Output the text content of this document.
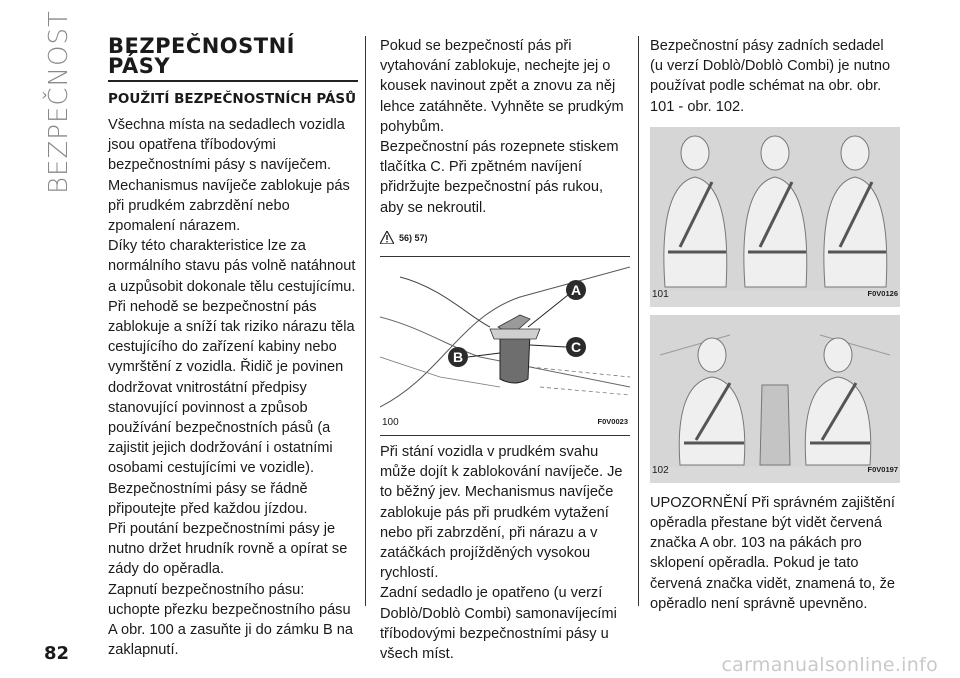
BEZPEČNOST	BEZPEČNOSTNÍ PÁSY
POUŽITÍ BEZPEČNOSTNÍCH PÁSŮ

Všechna místa na sedadlech vozidla jsou opatřena tříbodovými bezpečnostními pásy s navíječem. Mechanismus navíječe zablokuje pás při prudkém zabrzdění nebo zpomalení nárazem.
Díky této charakteristice lze za normálního stavu pás volně natáhnout a uzpůsobit dokonale tělu cestujícímu.
Při nehodě se bezpečnostní pás zablokuje a sníží tak riziko nárazu těla cestujícího do zařízení kabiny nebo vymrštění z vozidla. Řidič je povinen dodržovat vnitrostátní předpisy stanovující povinnost a způsob používání bezpečnostních pásů (a zajistit jejich dodržování i ostatními osobami cestujícími ve vozidle).
Bezpečnostními pásy se řádně připoutejte před každou jízdou.
Při poutání bezpečnostními pásy je nutno držet hrudník rovně a opírat se zády do opěradla.
Zapnutí bezpečnostního pásu: uchopte přezku bezpečnostního pásu A obr. 100 a zasuňte ji do zámku B na zaklapnutí.

Pokud se bezpečností pás při vytahování zablokuje, nechejte jej o kousek navinout zpět a znovu za něj lehce zatáhněte. Vyhněte se prudkým pohybům.
Bezpečnostní pás rozepnete stiskem tlačítka C. Při zpětném navíjení přidržujte bezpečnostní pás rukou, aby se nekroutil.

56) 57)
A
B
C
100	F0V0023

Při stání vozidla v prudkém svahu může dojít k zablokování navíječe. Je to běžný jev. Mechanismus navíječe zablokuje pás při prudkém vytažení nebo při zabrzdění, při nárazu a v zatáčkách projížděných vysokou rychlostí.
Zadní sedadlo je opatřeno (u verzí Doblò/Doblò Combi) samonavíjecími tříbodovými bezpečnostními pásy u všech míst.

Bezpečnostní pásy zadních sedadel (u verzí Doblò/Doblò Combi) je nutno používat podle schémat na obr. obr. 101 - obr. 102.

101	F0V0126
102	F0V0197

UPOZORNĚNÍ Při správném zajištění opěradla přestane být vidět červená značka A obr. 103 na pákách pro sklopení opěradla. Pokud je tato červená značka vidět, znamená to, že opěradlo není správně upevněno.

82
carmanualsonline.info
